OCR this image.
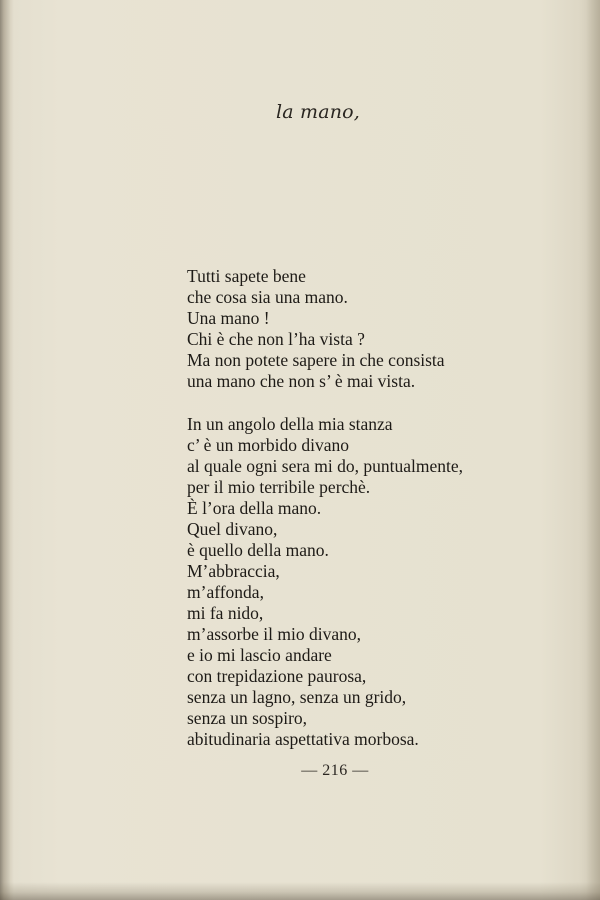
la mano,
Tutti sapete bene
che cosa sia una mano.
Una mano !
Chi è che non l’ha vista ?
Ma non potete sapere in che consista
una mano che non s’ è mai vista.
In un angolo della mia stanza
c’ è un morbido divano
al quale ogni sera mi do, puntualmente,
per il mio terribile perchè.
È l’ora della mano.
Quel divano,
è quello della mano.
M’abbraccia,
m’affonda,
mi fa nido,
m’assorbe il mio divano,
e io mi lascio andare
con trepidazione paurosa,
senza un lagno, senza un grido,
senza un sospiro,
abitudinaria aspettativa morbosa.
— 216 —
